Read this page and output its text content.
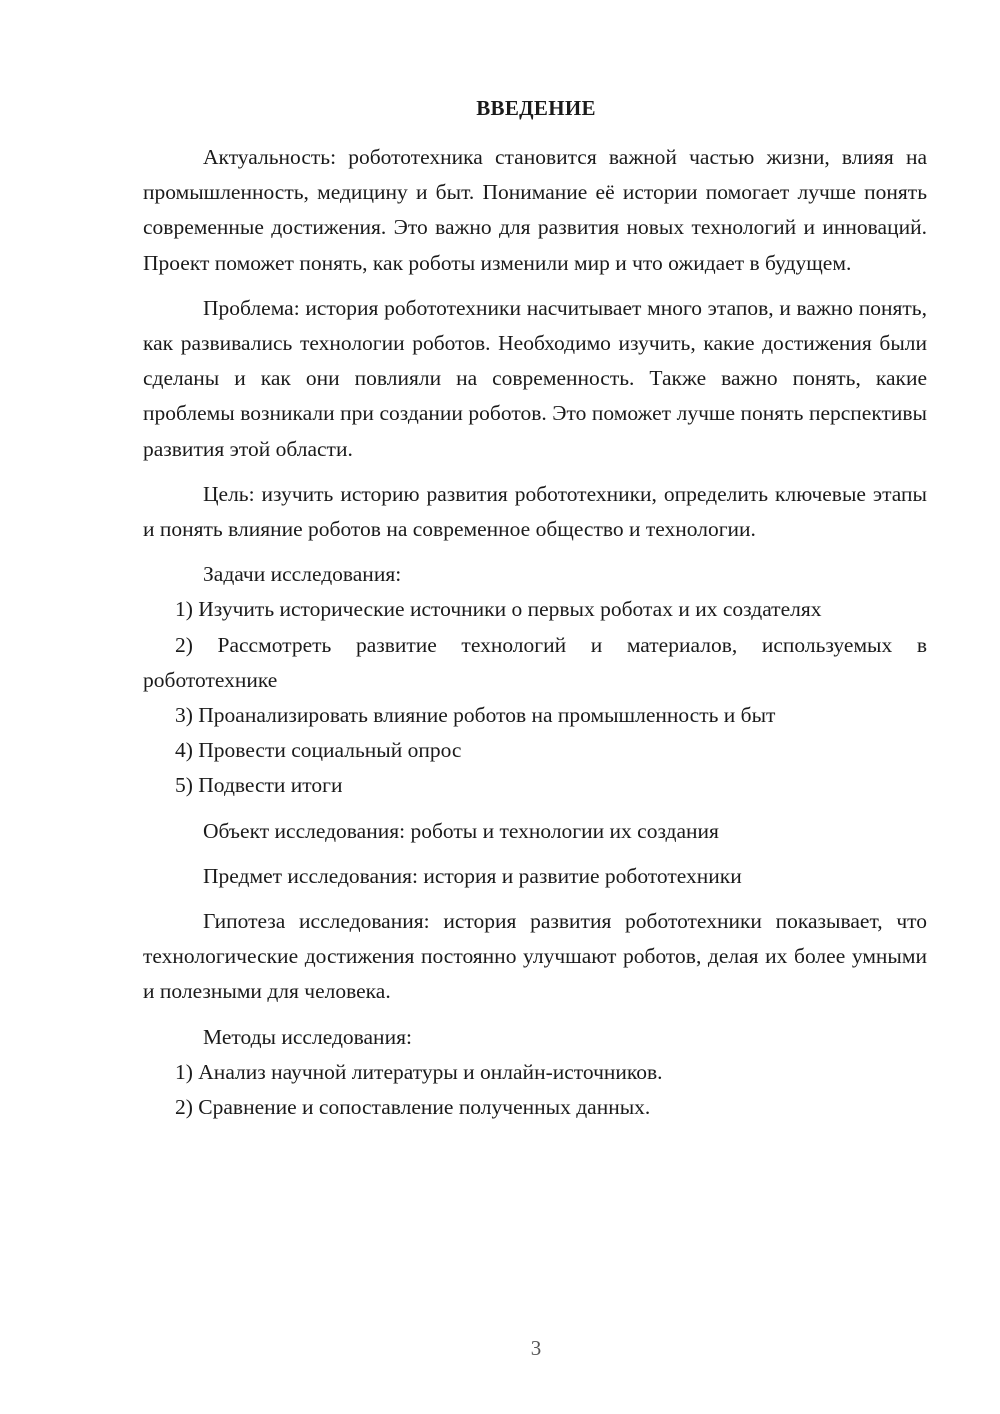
ВВЕДЕНИЕ

Актуальность: робототехника становится важной частью жизни, влияя на промышленность, медицину и быт. Понимание её истории помогает лучше понять современные достижения. Это важно для развития новых технологий и инноваций. Проект поможет понять, как роботы изменили мир и что ожидает в будущем.

Проблема: история робототехники насчитывает много этапов, и важно понять, как развивались технологии роботов. Необходимо изучить, какие достижения были сделаны и как они повлияли на современность. Также важно понять, какие проблемы возникали при создании роботов. Это поможет лучше понять перспективы развития этой области.

Цель: изучить историю развития робототехники, определить ключевые этапы и понять влияние роботов на современное общество и технологии.

Задачи исследования:

1) Изучить исторические источники о первых роботах и их создателях

2) Рассмотреть развитие технологий и материалов, используемых в робототехнике

3) Проанализировать влияние роботов на промышленность и быт

4) Провести социальный опрос

5) Подвести итоги

Объект исследования: роботы и технологии их создания

Предмет исследования: история и развитие робототехники

Гипотеза исследования: история развития робототехники показывает, что технологические достижения постоянно улучшают роботов, делая их более умными и полезными для человека.

Методы исследования:

1) Анализ научной литературы и онлайн-источников.

2) Сравнение и сопоставление полученных данных.

3
